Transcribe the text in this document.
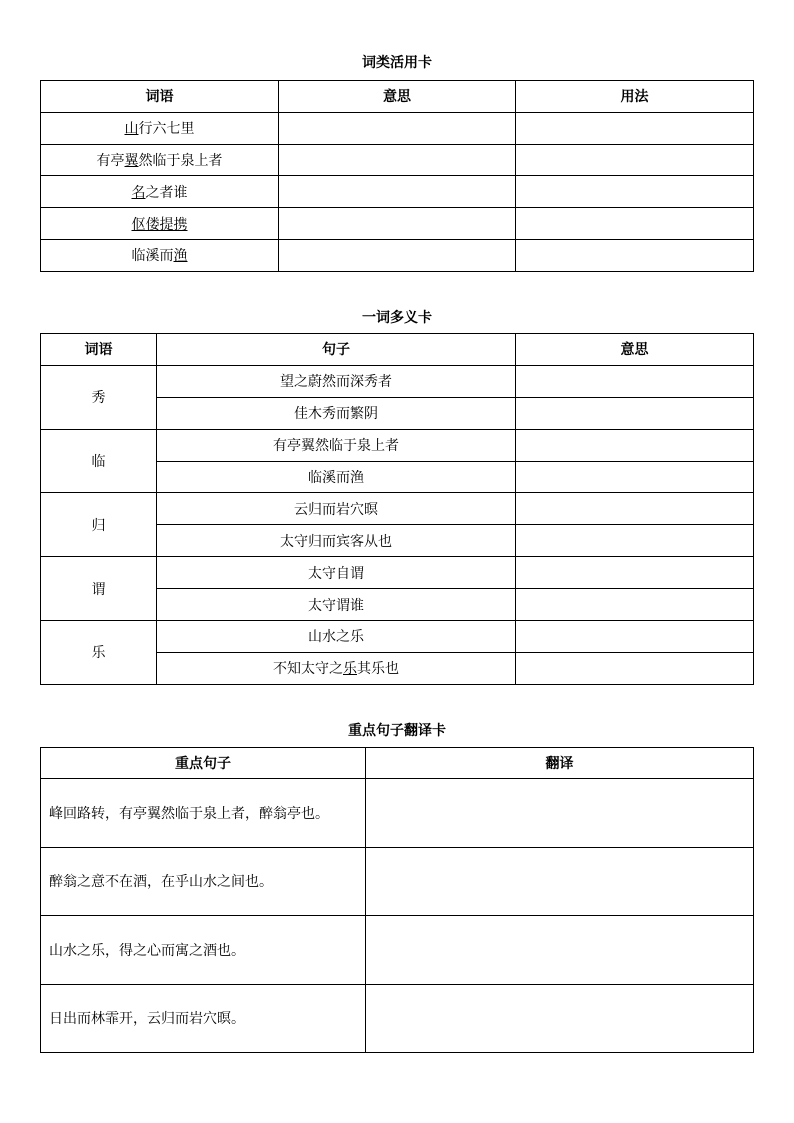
词类活用卡
词语	意思	用法
山行六七里		
有亭翼然临于泉上者		
名之者谁		
伛偻提携		
临溪而渔		
一词多义卡
词语	句子	意思
秀	望之蔚然而深秀者	
	佳木秀而繁阴	
临	有亭翼然临于泉上者	
	临溪而渔	
归	云归而岩穴暝	
	太守归而宾客从也	
谓	太守自谓	
	太守谓谁	
乐	山水之乐	
	不知太守之乐其乐也	
重点句子翻译卡
重点句子	翻译
峰回路转，有亭翼然临于泉上者，醉翁亭也。	
醉翁之意不在酒，在乎山水之间也。	
山水之乐，得之心而寓之酒也。	
日出而林霏开，云归而岩穴暝。	
